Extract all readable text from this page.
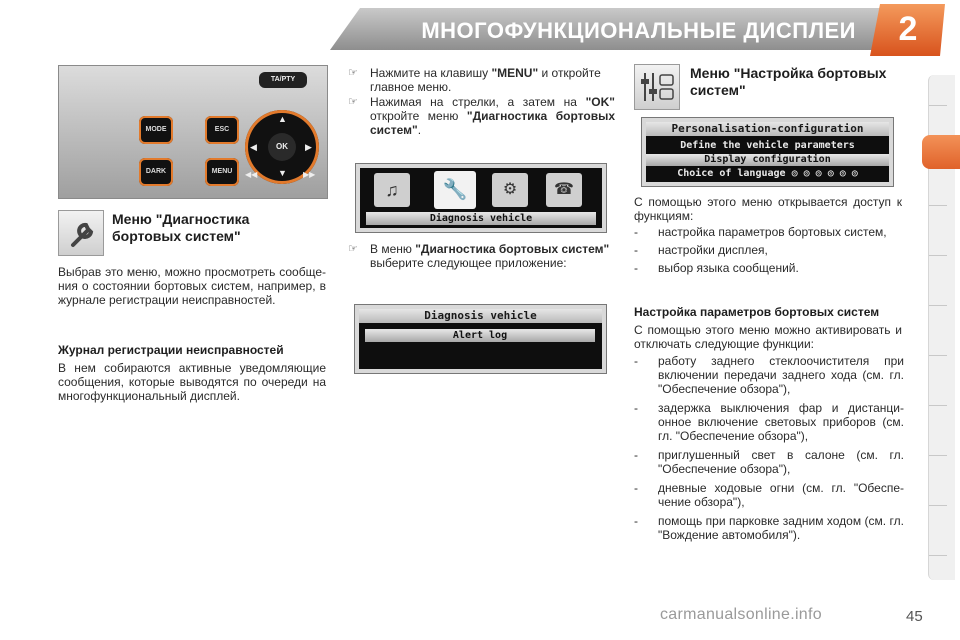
МНОГОФУНКЦИОНАЛЬНЫЕ ДИСПЛЕИ	2
TA/PTY
MODE
DARK
ESC
MENU
OK
▲
▼
◀	▶
◀◀	▶▶
Меню "Диагностика бортовых систем"
Выбрав это меню, можно просмотреть сообще-ния о состоянии бортовых систем, например, в журнале регистрации неисправностей.
Журнал регистрации неисправностей
В нем собираются активные уведомляющие сообщения, которые выводятся по очереди на многофункциональный дисплей.
☞ Нажмите на клавишу "MENU" и откройте главное меню.
☞ Нажимая на стрелки, а затем на "OK" откройте меню "Диагностика бортовых систем".
♫	🔧	⚙	☎
Diagnosis vehicle
☞ В меню "Диагностика бортовых систем" выберите следующее приложение:
Diagnosis vehicle
Alert log
Меню "Настройка бортовых систем"
Personalisation-configuration
Define the vehicle parameters
Display configuration
Choice of language ◎ ◎ ◎ ◎ ◎ ◎
С помощью этого меню открывается доступ к функциям:
- настройка параметров бортовых систем,
- настройки дисплея,
- выбор языка сообщений.
Настройка параметров бортовых систем
С помощью этого меню можно активировать и отключать следующие функции:
- работу заднего стеклоочистителя при включении передачи заднего хода (см. гл. "Обеспечение обзора"),
- задержка выключения фар и дистанци-онное включение световых приборов (см. гл. "Обеспечение обзора"),
- приглушенный свет в салоне (см. гл. "Обеспечение обзора"),
- дневные ходовые огни (см. гл. "Обеспе-чение обзора"),
- помощь при парковке задним ходом (см. гл. "Вождение автомобиля").
carmanualsonline.info	45
